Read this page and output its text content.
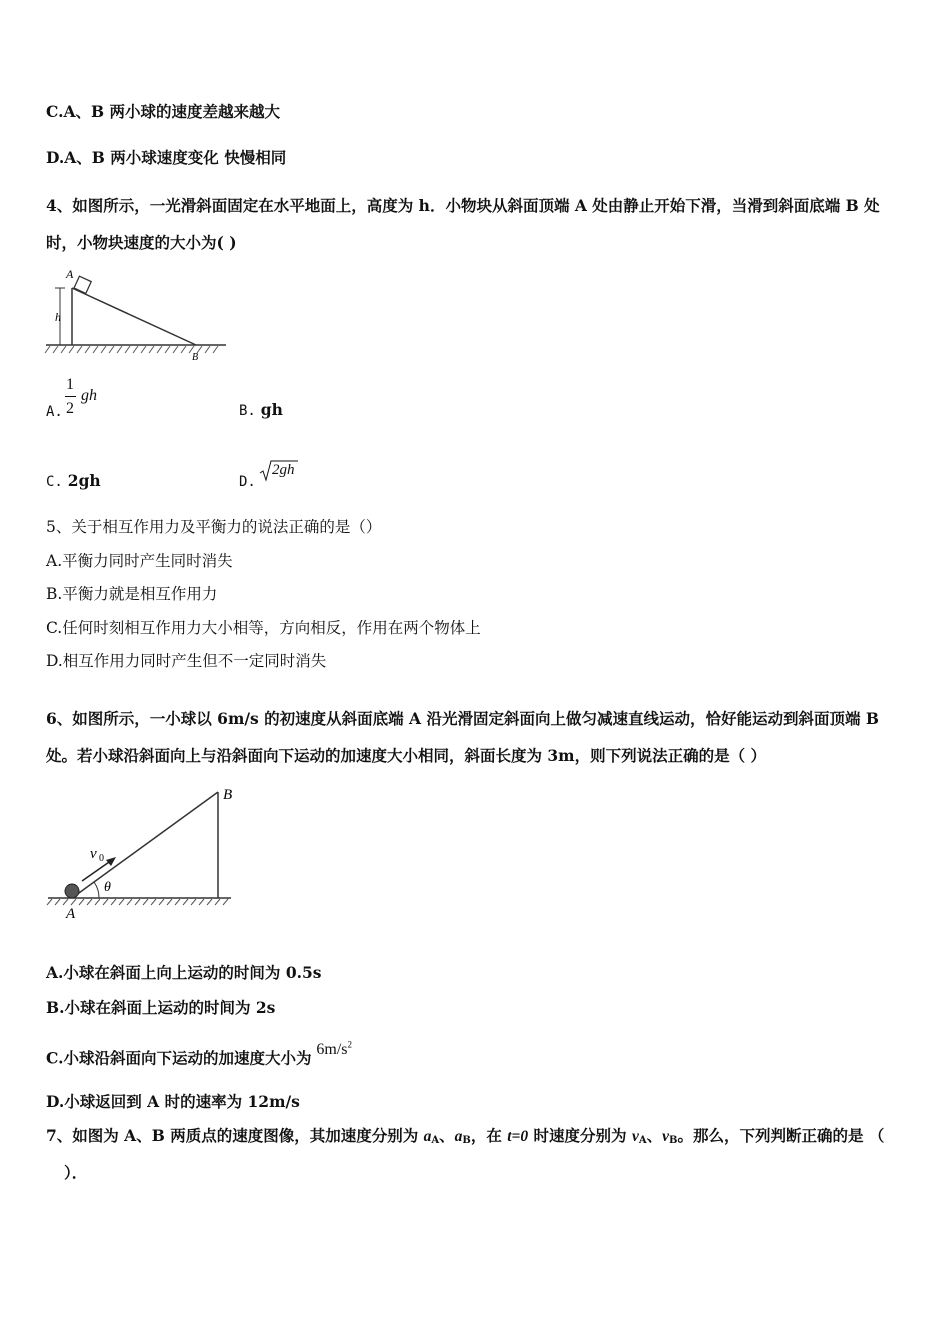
C.A、B 两小球的速度差越来越大
D.A、B 两小球速度变化 快慢相同
4、如图所示，一光滑斜面固定在水平地面上，高度为 h．小物块从斜面顶端 A 处由静止开始下滑，当滑到斜面底端 B 处
时，小物块速度的大小为( )
A
h
B
A.
1
2
gh
B. gh
C. 2gh	D.
2gh
5、关于相互作用力及平衡力的说法正确的是（）
A.平衡力同时产生同时消失
B.平衡力就是相互作用力
C.任何时刻相互作用力大小相等，方向相反，作用在两个物体上
D.相互作用力同时产生但不一定同时消失
6、如图所示，一小球以 6m/s 的初速度从斜面底端 A 沿光滑固定斜面向上做匀减速直线运动，恰好能运动到斜面顶端 B
处。若小球沿斜面向上与沿斜面向下运动的加速度大小相同，斜面长度为 3m，则下列说法正确的是（ ）
B
A
v 0
θ
A.小球在斜面上向上运动的时间为 0.5s
B.小球在斜面上运动的时间为 2s
C.小球沿斜面向下运动的加速度大小为 $6m/s^2$
D.小球返回到 A 时的速率为 12m/s
7、如图为 A、B 两质点的速度图像，其加速度分别为 $a_A$、$a_B$，在 t=0 时速度分别为 $v_A$、$v_B$。那么，下列判断正确的是 （
）．
